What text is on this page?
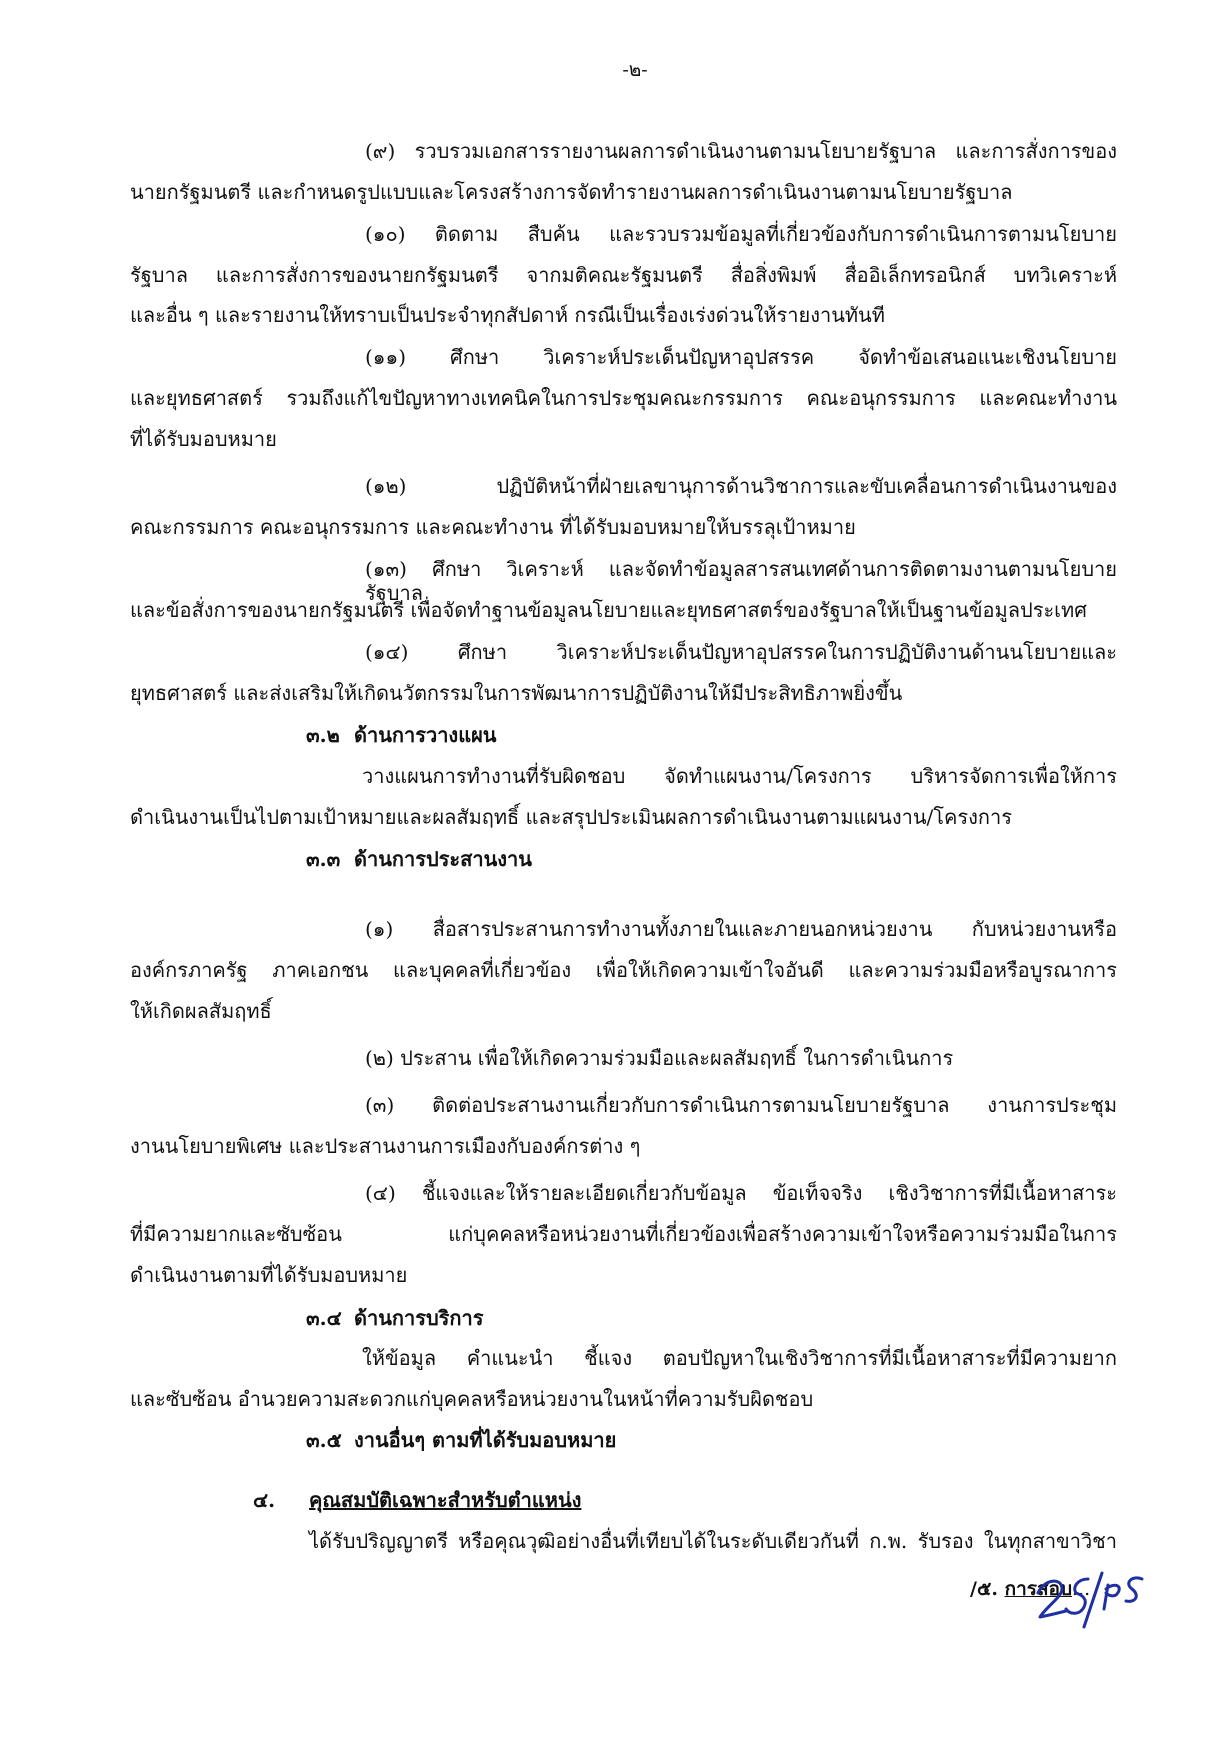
-๒-
(๙) รวบรวมเอกสารรายงานผลการดำเนินงานตามนโยบายรัฐบาล และการสั่งการของ
นายกรัฐมนตรี และกำหนดรูปแบบและโครงสร้างการจัดทำรายงานผลการดำเนินงานตามนโยบายรัฐบาล
(๑๐) ติดตาม สืบค้น และรวบรวมข้อมูลที่เกี่ยวข้องกับการดำเนินการตามนโยบาย
รัฐบาล และการสั่งการของนายกรัฐมนตรี จากมติคณะรัฐมนตรี สื่อสิ่งพิมพ์ สื่ออิเล็กทรอนิกส์ บทวิเคราะห์
และอื่น ๆ และรายงานให้ทราบเป็นประจำทุกสัปดาห์ กรณีเป็นเรื่องเร่งด่วนให้รายงานทันที
(๑๑) ศึกษา วิเคราะห์ประเด็นปัญหาอุปสรรค จัดทำข้อเสนอแนะเชิงนโยบาย
และยุทธศาสตร์ รวมถึงแก้ไขปัญหาทางเทคนิคในการประชุมคณะกรรมการ คณะอนุกรรมการ และคณะทำงาน
ที่ได้รับมอบหมาย
(๑๒) ปฏิบัติหน้าที่ฝ่ายเลขานุการด้านวิชาการและขับเคลื่อนการดำเนินงานของ
คณะกรรมการ คณะอนุกรรมการ และคณะทำงาน ที่ได้รับมอบหมายให้บรรลุเป้าหมาย
(๑๓) ศึกษา วิเคราะห์ และจัดทำข้อมูลสารสนเทศด้านการติดตามงานตามนโยบายรัฐบาล
และข้อสั่งการของนายกรัฐมนตรี เพื่อจัดทำฐานข้อมูลนโยบายและยุทธศาสตร์ของรัฐบาลให้เป็นฐานข้อมูลประเทศ
(๑๔) ศึกษา วิเคราะห์ประเด็นปัญหาอุปสรรคในการปฏิบัติงานด้านนโยบายและ
ยุทธศาสตร์ และส่งเสริมให้เกิดนวัตกรรมในการพัฒนาการปฏิบัติงานให้มีประสิทธิภาพยิ่งขึ้น
๓.๒ ด้านการวางแผน
วางแผนการทำงานที่รับผิดชอบ จัดทำแผนงาน/โครงการ บริหารจัดการเพื่อให้การ
ดำเนินงานเป็นไปตามเป้าหมายและผลสัมฤทธิ์ และสรุปประเมินผลการดำเนินงานตามแผนงาน/โครงการ
๓.๓ ด้านการประสานงาน
(๑) สื่อสารประสานการทำงานทั้งภายในและภายนอกหน่วยงาน กับหน่วยงานหรือ
องค์กรภาครัฐ ภาคเอกชน และบุคคลที่เกี่ยวข้อง เพื่อให้เกิดความเข้าใจอันดี และความร่วมมือหรือบูรณาการ
ให้เกิดผลสัมฤทธิ์
(๒) ประสาน เพื่อให้เกิดความร่วมมือและผลสัมฤทธิ์ ในการดำเนินการ
(๓) ติดต่อประสานงานเกี่ยวกับการดำเนินการตามนโยบายรัฐบาล งานการประชุม
งานนโยบายพิเศษ และประสานงานการเมืองกับองค์กรต่าง ๆ
(๔) ชี้แจงและให้รายละเอียดเกี่ยวกับข้อมูล ข้อเท็จจริง เชิงวิชาการที่มีเนื้อหาสาระ
ที่มีความยากและซับซ้อน แก่บุคคลหรือหน่วยงานที่เกี่ยวข้องเพื่อสร้างความเข้าใจหรือความร่วมมือในการ
ดำเนินงานตามที่ได้รับมอบหมาย
๓.๔ ด้านการบริการ
ให้ข้อมูล คำแนะนำ ชี้แจง ตอบปัญหาในเชิงวิชาการที่มีเนื้อหาสาระที่มีความยาก
และซับซ้อน อำนวยความสะดวกแก่บุคคลหรือหน่วยงานในหน้าที่ความรับผิดชอบ
๓.๕ งานอื่นๆ ตามที่ได้รับมอบหมาย
๔. คุณสมบัติเฉพาะสำหรับตำแหน่ง
ได้รับปริญญาตรี หรือคุณวุฒิอย่างอื่นที่เทียบได้ในระดับเดียวกันที่ ก.พ. รับรอง ในทุกสาขาวิชา
/๕. การสอบ...
